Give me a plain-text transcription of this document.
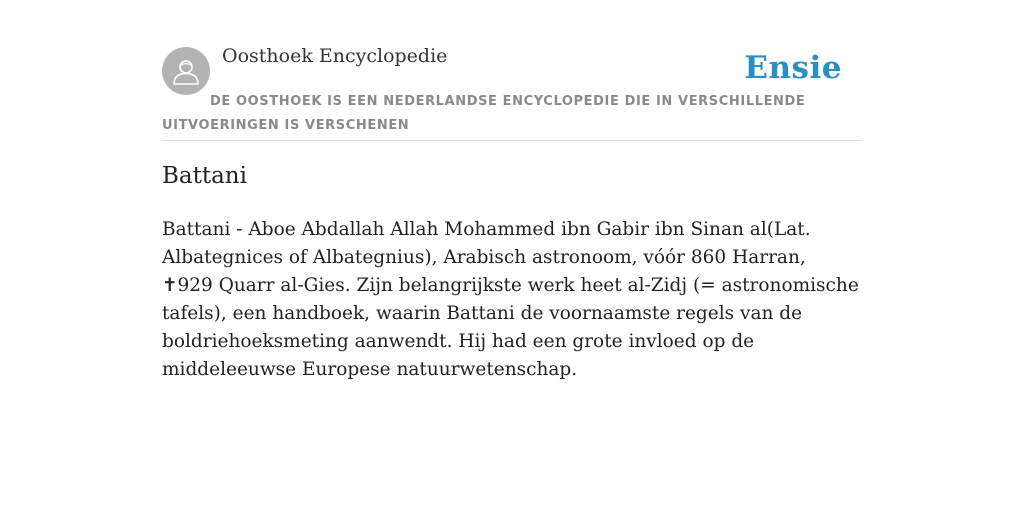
Oosthoek Encyclopedie	Ensie
DE OOSTHOEK IS EEN NEDERLANDSE ENCYCLOPEDIE DIE IN VERSCHILLENDE UITVOERINGEN IS VERSCHENEN
Battani

Battani - Aboe Abdallah Allah Mohammed ibn Gabir ibn Sinan al(Lat. Albategnices of Albategnius), Arabisch astronoom, vóór 860 Harran, ✝929 Quarr al-Gies. Zijn belangrijkste werk heet al-Zidj (= astronomische tafels), een handboek, waarin Battani de voornaamste regels van de boldriehoeksmeting aanwendt. Hij had een grote invloed op de middeleeuwse Europese natuurwetenschap.
